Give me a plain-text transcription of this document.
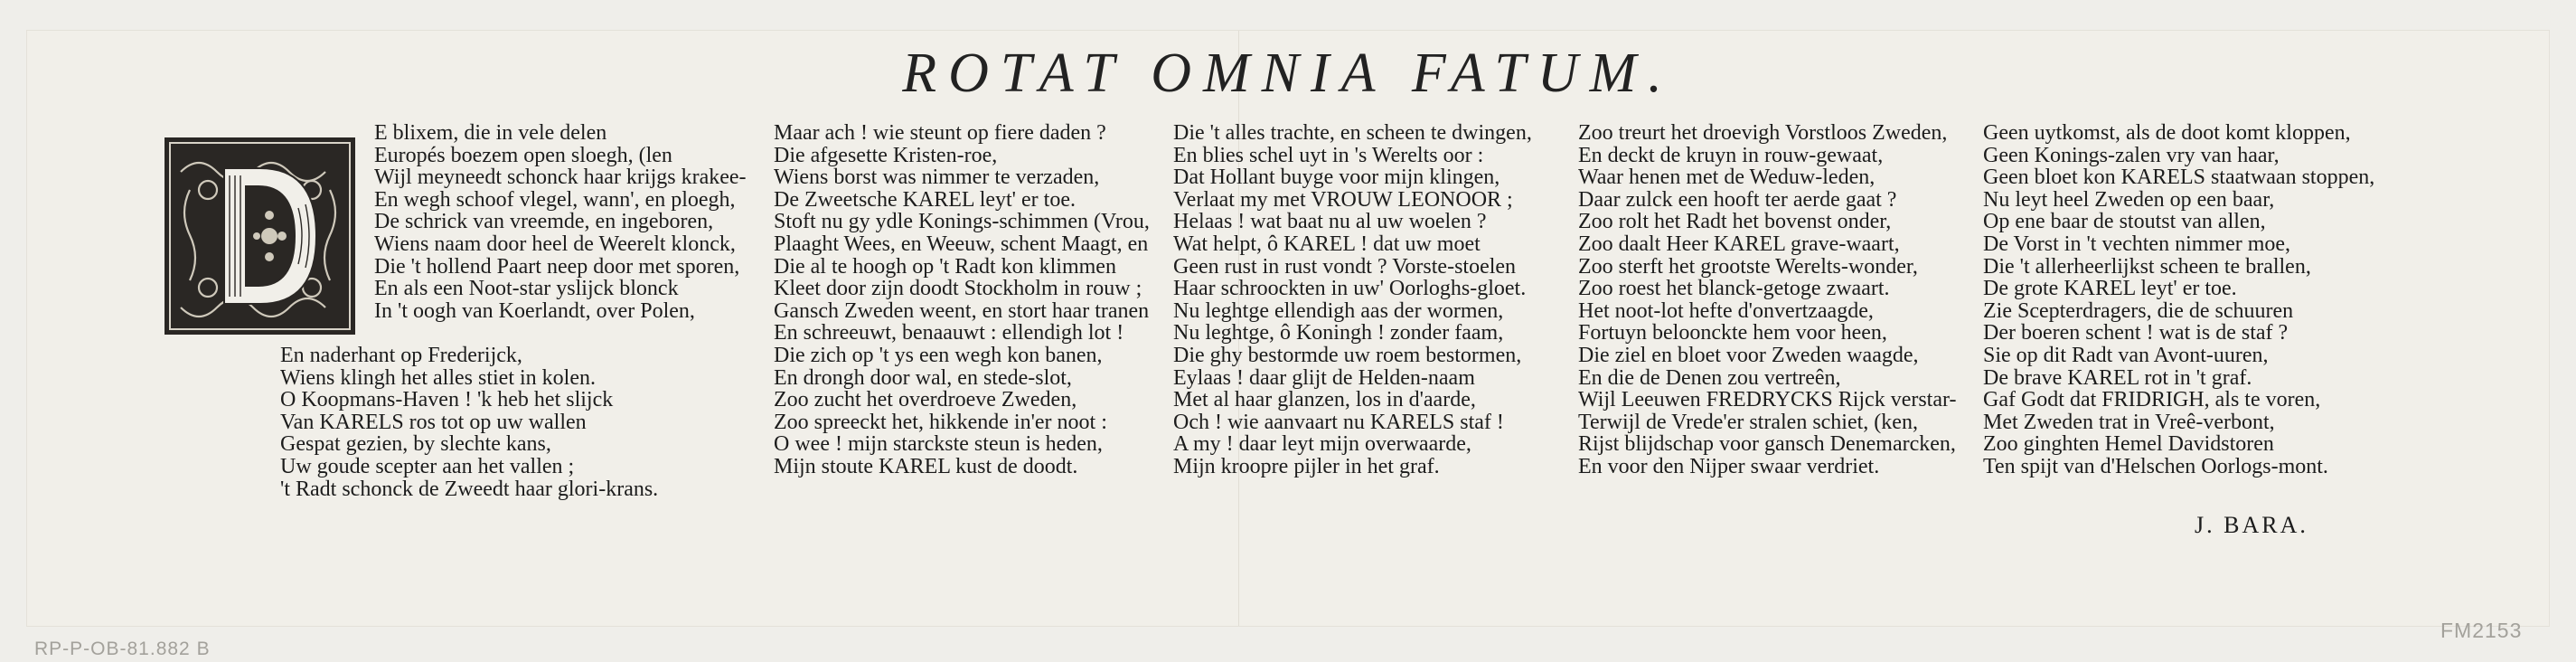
ROTAT OMNIA FATUM.
D
E blixem, die in vele delen
Europés boezem open sloegh, (len
Wijl meyneedt schonck haar krijgs krakee-
En wegh schoof vlegel, wann', en ploegh,
De schrick van vreemde, en ingeboren,
Wiens naam door heel de Weerelt klonck,
Die 't hollend Paart neep door met sporen,
En als een Noot-star yslijck blonck
In 't oogh van Koerlandt, over Polen,
En naderhant op Frederijck,
Wiens klingh het alles stiet in kolen.
O Koopmans-Haven ! 'k heb het slijck
Van KARELS ros tot op uw wallen
Gespat gezien, by slechte kans,
Uw goude scepter aan het vallen ;
't Radt schonck de Zweedt haar glori-krans.
Maar ach ! wie steunt op fiere daden ?
Die afgesette Kristen-roe,
Wiens borst was nimmer te verzaden,
De Zweetsche KAREL leyt' er toe.
Stoft nu gy ydle Konings-schimmen (Vrou,
Plaaght Wees, en Weeuw, schent Maagt, en
Die al te hoogh op 't Radt kon klimmen
Kleet door zijn doodt Stockholm in rouw ;
Gansch Zweden weent, en stort haar tranen
En schreeuwt, benaauwt : ellendigh lot !
Die zich op 't ys een wegh kon banen,
En drongh door wal, en stede-slot,
Zoo zucht het overdroeve Zweden,
Zoo spreeckt het, hikkende in'er noot :
O wee ! mijn starckste steun is heden,
Mijn stoute KAREL kust de doodt.
Die 't alles trachte, en scheen te dwingen,
En blies schel uyt in 's Werelts oor :
Dat Hollant buyge voor mijn klingen,
Verlaat my met VROUW LEONOOR ;
Helaas ! wat baat nu al uw woelen ?
Wat helpt, ô KAREL ! dat uw moet
Geen rust in rust vondt ? Vorste-stoelen
Haar schroockten in uw' Oorloghs-gloet.
Nu leghtge ellendigh aas der wormen,
Nu leghtge, ô Koningh ! zonder faam,
Die ghy bestormde uw roem bestormen,
Eylaas ! daar glijt de Helden-naam
Met al haar glanzen, los in d'aarde,
Och ! wie aanvaart nu KARELS staf !
A my ! daar leyt mijn overwaarde,
Mijn kroopre pijler in het graf.
Zoo treurt het droevigh Vorstloos Zweden,
En deckt de kruyn in rouw-gewaat,
Waar henen met de Weduw-leden,
Daar zulck een hooft ter aerde gaat ?
Zoo rolt het Radt het bovenst onder,
Zoo daalt Heer KAREL grave-waart,
Zoo sterft het grootste Werelts-wonder,
Zoo roest het blanck-getoge zwaart.
Het noot-lot hefte d'onvertzaagde,
Fortuyn beloonckte hem voor heen,
Die ziel en bloet voor Zweden waagde,
En die de Denen zou vertreên,
Wijl Leeuwen FREDRYCKS Rijck verstar-
Terwijl de Vrede'er stralen schiet, (ken,
Rijst blijdschap voor gansch Denemarcken,
En voor den Nijper swaar verdriet.
Geen uytkomst, als de doot komt kloppen,
Geen Konings-zalen vry van haar,
Geen bloet kon KARELS staatwaan stoppen,
Nu leyt heel Zweden op een baar,
Op ene baar de stoutst van allen,
De Vorst in 't vechten nimmer moe,
Die 't allerheerlijkst scheen te brallen,
De grote KAREL leyt' er toe.
Zie Scepterdragers, die de schuuren
Der boeren schent ! wat is de staf ?
Sie op dit Radt van Avont-uuren,
De brave KAREL rot in 't graf.
Gaf Godt dat FRIDRIGH, als te voren,
Met Zweden trat in Vreê-verbont,
Zoo ginghten Hemel Davidstoren
Ten spijt van d'Helschen Oorlogs-mont.
J. BARA.
RP-P-OB-81.882 B
FM2153
